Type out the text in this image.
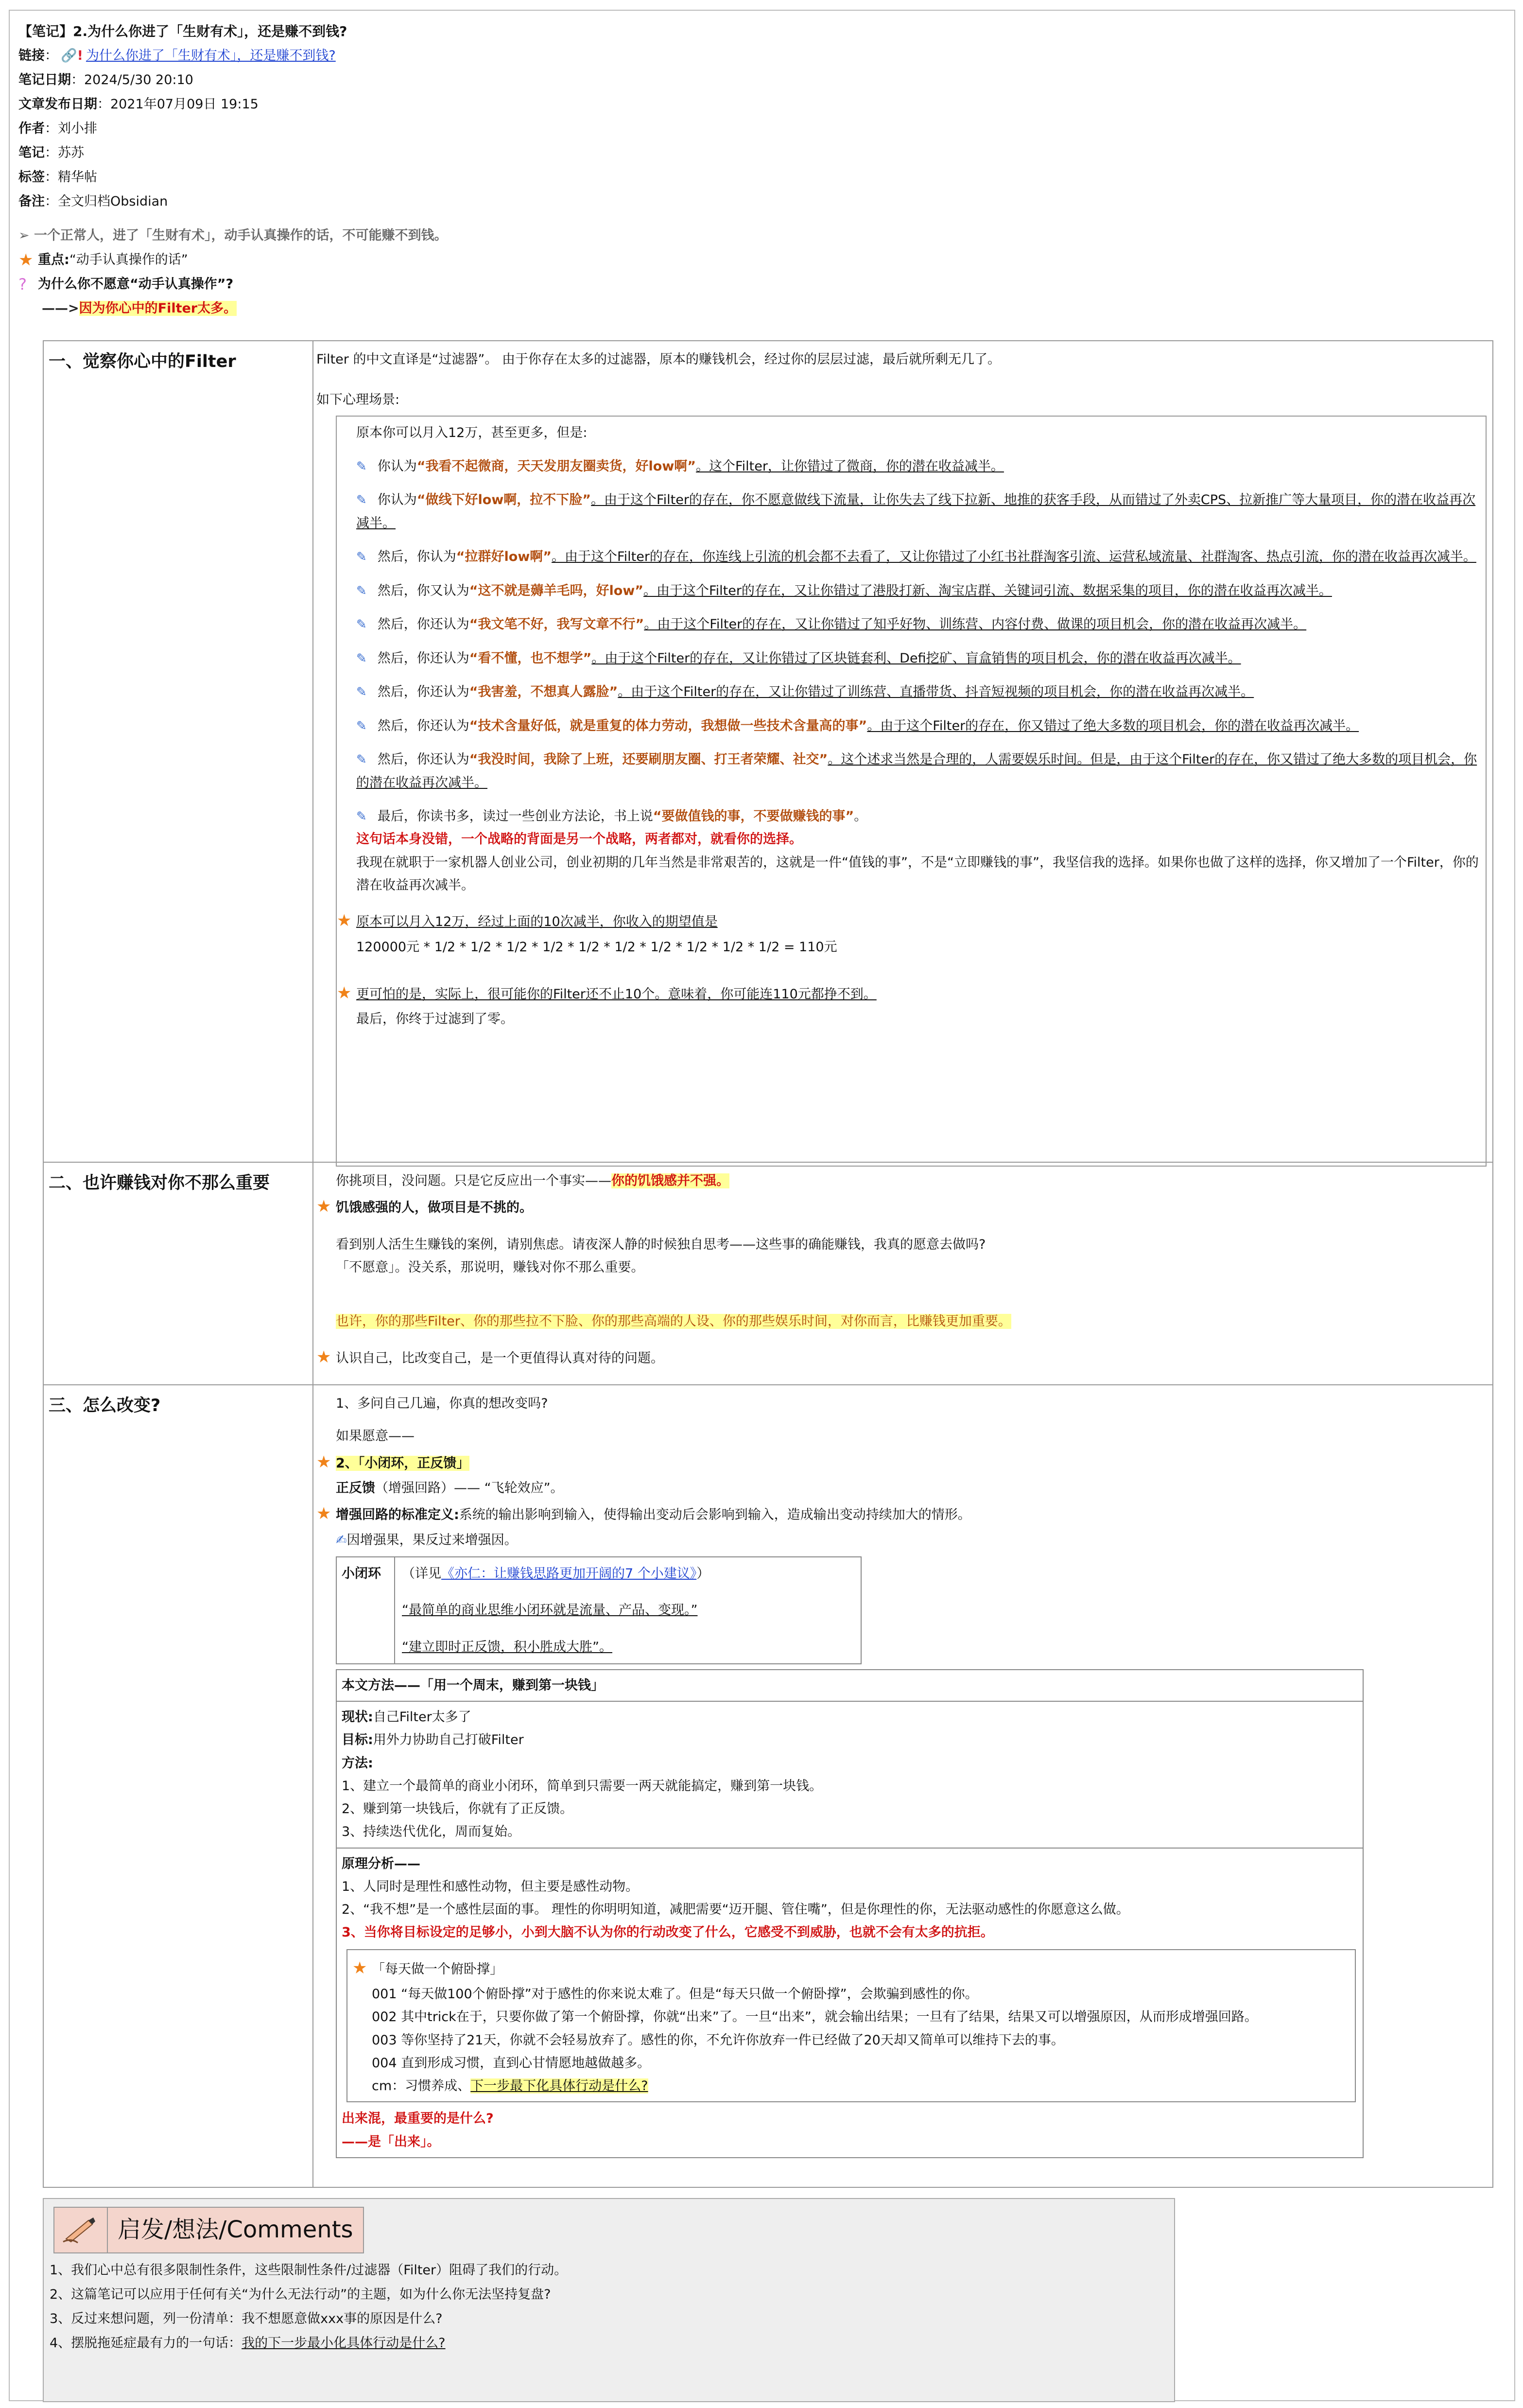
【笔记】2.为什么你进了「生财有术」，还是赚不到钱?
链接 ： 🔗! 为什么你进了「生财有术」，还是赚不到钱?
笔记日期 ： 2024/5/30 20:10
文章发布日期 ： 2021年07月09日 19:15
作者 ： 刘小排
笔记 ： 苏苏
标签 ： 精华帖
备注 ： 全文归档Obsidian
➢ 一个正常人，进了「生财有术」，动手认真操作的话，不可能赚不到钱。
★ 重点: “动手认真操作的话”
? 为什么你不愿意“动手认真操作”?
——>因为你心中的Filter太多。
一、觉察你心中的Filter	Filter 的中文直译是“过滤器”。 由于你存在太多的过滤器，原本的赚钱机会，经过你的层层过滤，最后就所剩无几了。
如下心理场景:
原本你可以月入12万，甚至更多，但是:
✎ 你认为“我看不起微商，天天发朋友圈卖货，好low啊”。这个Filter，让你错过了微商，你的潜在收益减半。
✎ 你认为“做线下好low啊，拉不下脸”。由于这个Filter的存在，你不愿意做线下流量，让你失去了线下拉新、地推的获客手段，从而错过了外卖CPS、拉新推广等大量项目，你的潜在收益再次减半。
✎ 然后，你认为“拉群好low啊”。由于这个Filter的存在，你连线上引流的机会都不去看了，又让你错过了小红书社群淘客引流、运营私域流量、社群淘客、热点引流，你的潜在收益再次减半。
✎ 然后，你又认为“这不就是薅羊毛吗，好low”。由于这个Filter的存在，又让你错过了港股打新、淘宝店群、关键词引流、数据采集的项目，你的潜在收益再次减半。
✎ 然后，你还认为“我文笔不好，我写文章不行”。由于这个Filter的存在，又让你错过了知乎好物、训练营、内容付费、做课的项目机会，你的潜在收益再次减半。
✎ 然后，你还认为“看不懂，也不想学”。由于这个Filter的存在，又让你错过了区块链套利、Defi挖矿、盲盒销售的项目机会，你的潜在收益再次减半。
✎ 然后，你还认为“我害羞，不想真人露脸”。由于这个Filter的存在，又让你错过了训练营、直播带货、抖音短视频的项目机会，你的潜在收益再次减半。
✎ 然后，你还认为“技术含量好低，就是重复的体力劳动，我想做一些技术含量高的事”。由于这个Filter的存在，你又错过了绝大多数的项目机会，你的潜在收益再次减半。
✎ 然后，你还认为“我没时间，我除了上班，还要刷朋友圈、打王者荣耀、社交”。这个述求当然是合理的，人需要娱乐时间。但是，由于这个Filter的存在，你又错过了绝大多数的项目机会，你的潜在收益再次减半。
✎ 最后，你读书多，读过一些创业方法论，书上说“要做值钱的事，不要做赚钱的事”。
这句话本身没错，一个战略的背面是另一个战略，两者都对，就看你的选择。
我现在就职于一家机器人创业公司，创业初期的几年当然是非常艰苦的，这就是一件“值钱的事”，不是“立即赚钱的事”，我坚信我的选择。如果你也做了这样的选择，你又增加了一个Filter，你的潜在收益再次减半。
★ 原本可以月入12万，经过上面的10次减半，你收入的期望值是
120000元 * 1/2 * 1/2 * 1/2 * 1/2 * 1/2 * 1/2 * 1/2 * 1/2 * 1/2 * 1/2 = 110元
★ 更可怕的是，实际上，很可能你的Filter还不止10个。意味着，你可能连110元都挣不到。
最后，你终于过滤到了零。
二、也许赚钱对你不那么重要	你挑项目，没问题。只是它反应出一个事实——你的饥饿感并不强。
★ 饥饿感强的人，做项目是不挑的。
看到别人活生生赚钱的案例，请别焦虑。请夜深人静的时候独自思考——这些事的确能赚钱，我真的愿意去做吗?
「不愿意」。没关系，那说明，赚钱对你不那么重要。
也许，你的那些Filter、你的那些拉不下脸、你的那些高端的人设、你的那些娱乐时间，对你而言，比赚钱更加重要。
★ 认识自己，比改变自己，是一个更值得认真对待的问题。
三、怎么改变?	1、多问自己几遍，你真的想改变吗?
如果愿意——
★ 2、「小闭环，正反馈」
正反馈（增强回路）—— “飞轮效应”。
★ 增强回路的标准定义:系统的输出影响到输入，使得输出变动后会影响到输入，造成输出变动持续加大的情形。
✍因增强果，果反过来增强因。
小闭环	（详见《亦仁：让赚钱思路更加开阔的7 个小建议》）

“最简单的商业思维小闭环就是流量、产品、变现。”

“建立即时正反馈，积小胜成大胜”。

本文方法——「用一个周末，赚到第一块钱」
现状:自己Filter太多了
目标:用外力协助自己打破Filter
方法:
1、建立一个最简单的商业小闭环，简单到只需要一两天就能搞定，赚到第一块钱。
2、赚到第一块钱后，你就有了正反馈。
3、持续迭代优化，周而复始。
原理分析——
1、人同时是理性和感性动物，但主要是感性动物。
2、“我不想”是一个感性层面的事。 理性的你明明知道，减肥需要“迈开腿、管住嘴”，但是你理性的你，无法驱动感性的你愿意这么做。
3、当你将目标设定的足够小，小到大脑不认为你的行动改变了什么，它感受不到威胁，也就不会有太多的抗拒。
★ 「每天做一个俯卧撑」
001 “每天做100个俯卧撑”对于感性的你来说太难了。但是“每天只做一个俯卧撑”，会欺骗到感性的你。
002 其中trick在于，只要你做了第一个俯卧撑，你就“出来”了。一旦“出来”，就会输出结果；一旦有了结果，结果又可以增强原因，从而形成增强回路。
003 等你坚持了21天，你就不会轻易放弃了。感性的你，不允许你放弃一件已经做了20天却又简单可以维持下去的事。
004 直到形成习惯，直到心甘情愿地越做越多。
cm：习惯养成、下一步最下化具体行动是什么?
出来混，最重要的是什么?
——是「出来」。
启发/想法/Comments
1、我们心中总有很多限制性条件，这些限制性条件/过滤器（Filter）阻碍了我们的行动。
2、这篇笔记可以应用于任何有关“为什么无法行动”的主题，如为什么你无法坚持复盘?
3、反过来想问题，列一份清单：我不想愿意做xxx事的原因是什么?
4、摆脱拖延症最有力的一句话：我的下一步最小化具体行动是什么?
